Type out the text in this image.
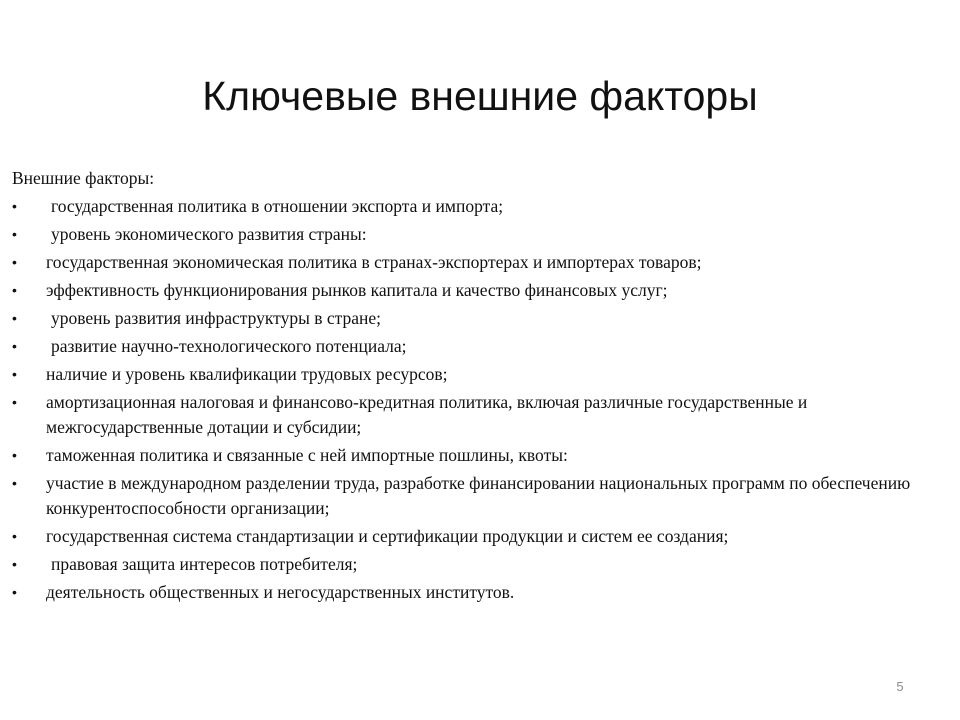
Ключевые внешние факторы

Внешние факторы:

•	государственная политика в отношении экспорта и импорта;
•	уровень экономического развития страны:
•	государственная экономическая политика в странах-экспортерах и импортерах товаров;
•	эффективность функционирования рынков капитала и качество финансовых услуг;
•	уровень развития инфраструктуры в стране;
•	развитие научно-технологического потенциала;
•	наличие и уровень квалификации трудовых ресурсов;
•	амортизационная налоговая и финансово-кредитная политика, включая различные государственные и межгосударственные дотации и субсидии;
•	таможенная политика и связанные с ней импортные пошлины, квоты:
•	участие в международном разделении труда, разработке финансировании национальных программ по обеспечению конкурентоспособности организации;
•	государственная система стандартизации и сертификации продукции и систем ее создания;
•	правовая защита интересов потребителя;
•	деятельность общественных и негосударственных институтов.
5
